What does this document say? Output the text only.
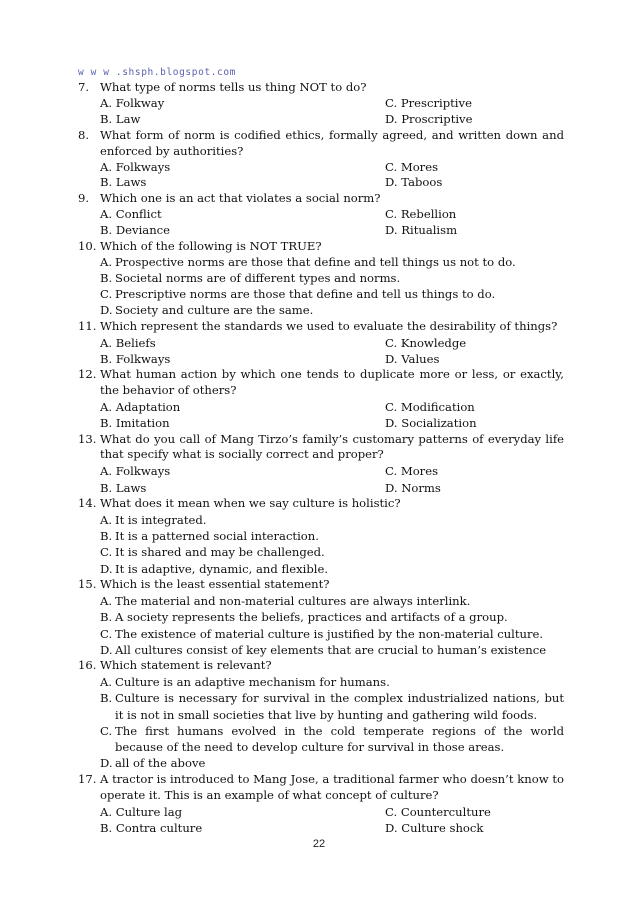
w w w .shsph.blogspot.com
7. What type of norms tells us thing NOT to do?
A. Folkway	C. Prescriptive
B. Law	D. Proscriptive
8. What form of norm is codified ethics, formally agreed, and written down and enforced by authorities?
A. Folkways	C. Mores
B. Laws	D. Taboos
9. Which one is an act that violates a social norm?
A. Conflict	C. Rebellion
B. Deviance	D. Ritualism
10. Which of the following is NOT TRUE?
A. Prospective norms are those that define and tell things us not to do.
B. Societal norms are of different types and norms.
C. Prescriptive norms are those that define and tell us things to do.
D. Society and culture are the same.
11. Which represent the standards we used to evaluate the desirability of things?
A. Beliefs	C. Knowledge
B. Folkways	D. Values
12. What human action by which one tends to duplicate more or less, or exactly, the behavior of others?
A. Adaptation	C. Modification
B. Imitation	D. Socialization
13. What do you call of Mang Tirzo’s family’s customary patterns of everyday life that specify what is socially correct and proper?
A. Folkways	C. Mores
B. Laws	D. Norms
14. What does it mean when we say culture is holistic?
A. It is integrated.
B. It is a patterned social interaction.
C. It is shared and may be challenged.
D. It is adaptive, dynamic, and flexible.
15. Which is the least essential statement?
A. The material and non-material cultures are always interlink.
B. A society represents the beliefs, practices and artifacts of a group.
C. The existence of material culture is justified by the non-material culture.
D. All cultures consist of key elements that are crucial to human’s existence
16. Which statement is relevant?
A. Culture is an adaptive mechanism for humans.
B. Culture is necessary for survival in the complex industrialized nations, but it is not in small societies that live by hunting and gathering wild foods.
C. The first humans evolved in the cold temperate regions of the world because of the need to develop culture for survival in those areas.
D. all of the above
17. A tractor is introduced to Mang Jose, a traditional farmer who doesn’t know to operate it. This is an example of what concept of culture?
A. Culture lag	C. Counterculture
B. Contra culture	D. Culture shock
22
